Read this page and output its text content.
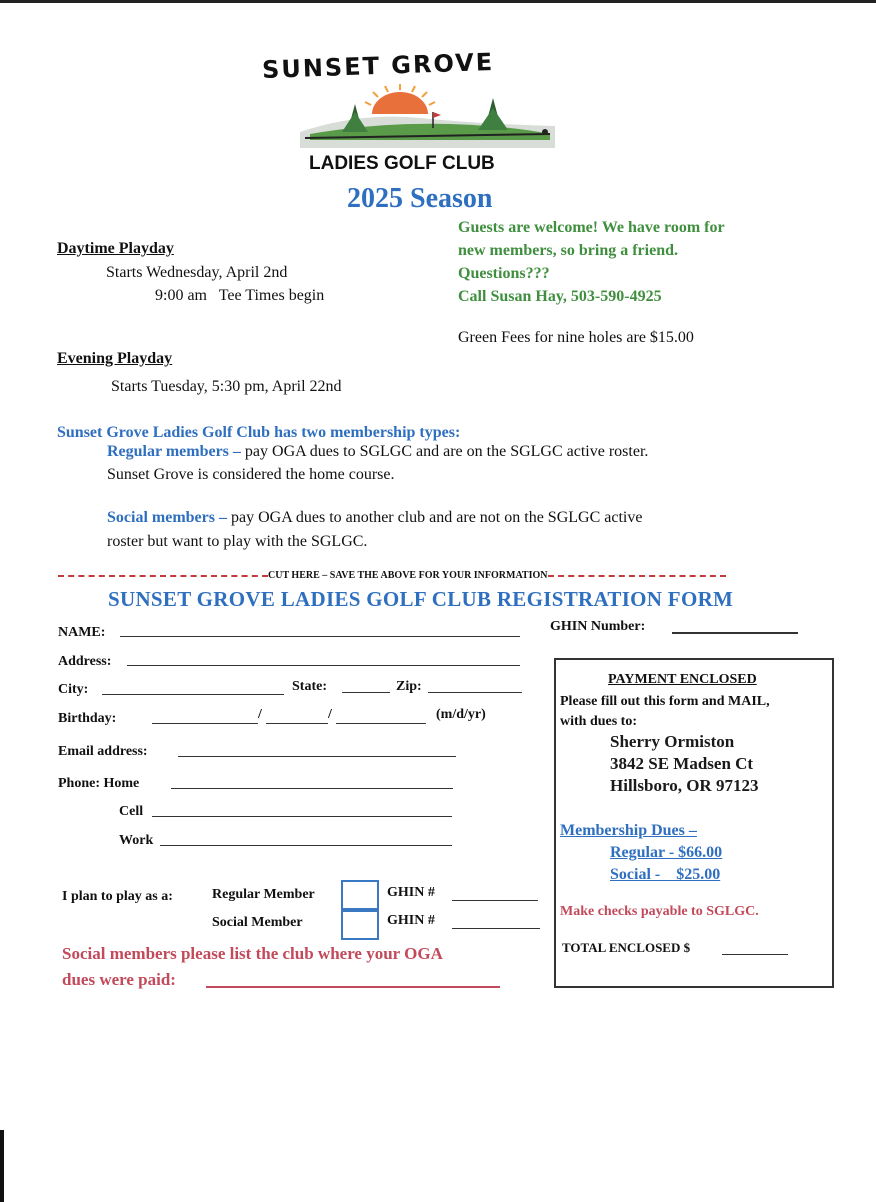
SUNSET GROVE
LADIES GOLF CLUB
2025 Season
Daytime Playday
Starts Wednesday, April 2nd
9:00 am   Tee Times begin
Guests are welcome! We have room for
new members, so bring a friend.
Questions???
Call Susan Hay, 503-590-4925
Green Fees for nine holes are $15.00
Evening Playday
Starts Tuesday, 5:30 pm, April 22nd
Sunset Grove Ladies Golf Club has two membership types:
Regular members – pay OGA dues to SGLGC and are on the SGLGC active roster.
Sunset Grove is considered the home course.
Social members – pay OGA dues to another club and are not on the SGLGC active
roster but want to play with the SGLGC.
CUT HERE – SAVE THE ABOVE FOR YOUR INFORMATION
SUNSET GROVE LADIES GOLF CLUB REGISTRATION FORM
NAME:	GHIN Number:
Address:
City:	State:	Zip:
Birthday:	/	/	(m/d/yr)
Email address:
Phone: Home
Cell
Work
I plan to play as a:	Regular Member	GHIN #
Social Member	GHIN #
Social members please list the club where your OGA
dues were paid:
PAYMENT ENCLOSED
Please fill out this form and MAIL,
with dues to:
Sherry Ormiston
3842 SE Madsen Ct
Hillsboro, OR 97123
Membership Dues –
Regular - $66.00
Social -    $25.00
Make checks payable to SGLGC.
TOTAL ENCLOSED $
